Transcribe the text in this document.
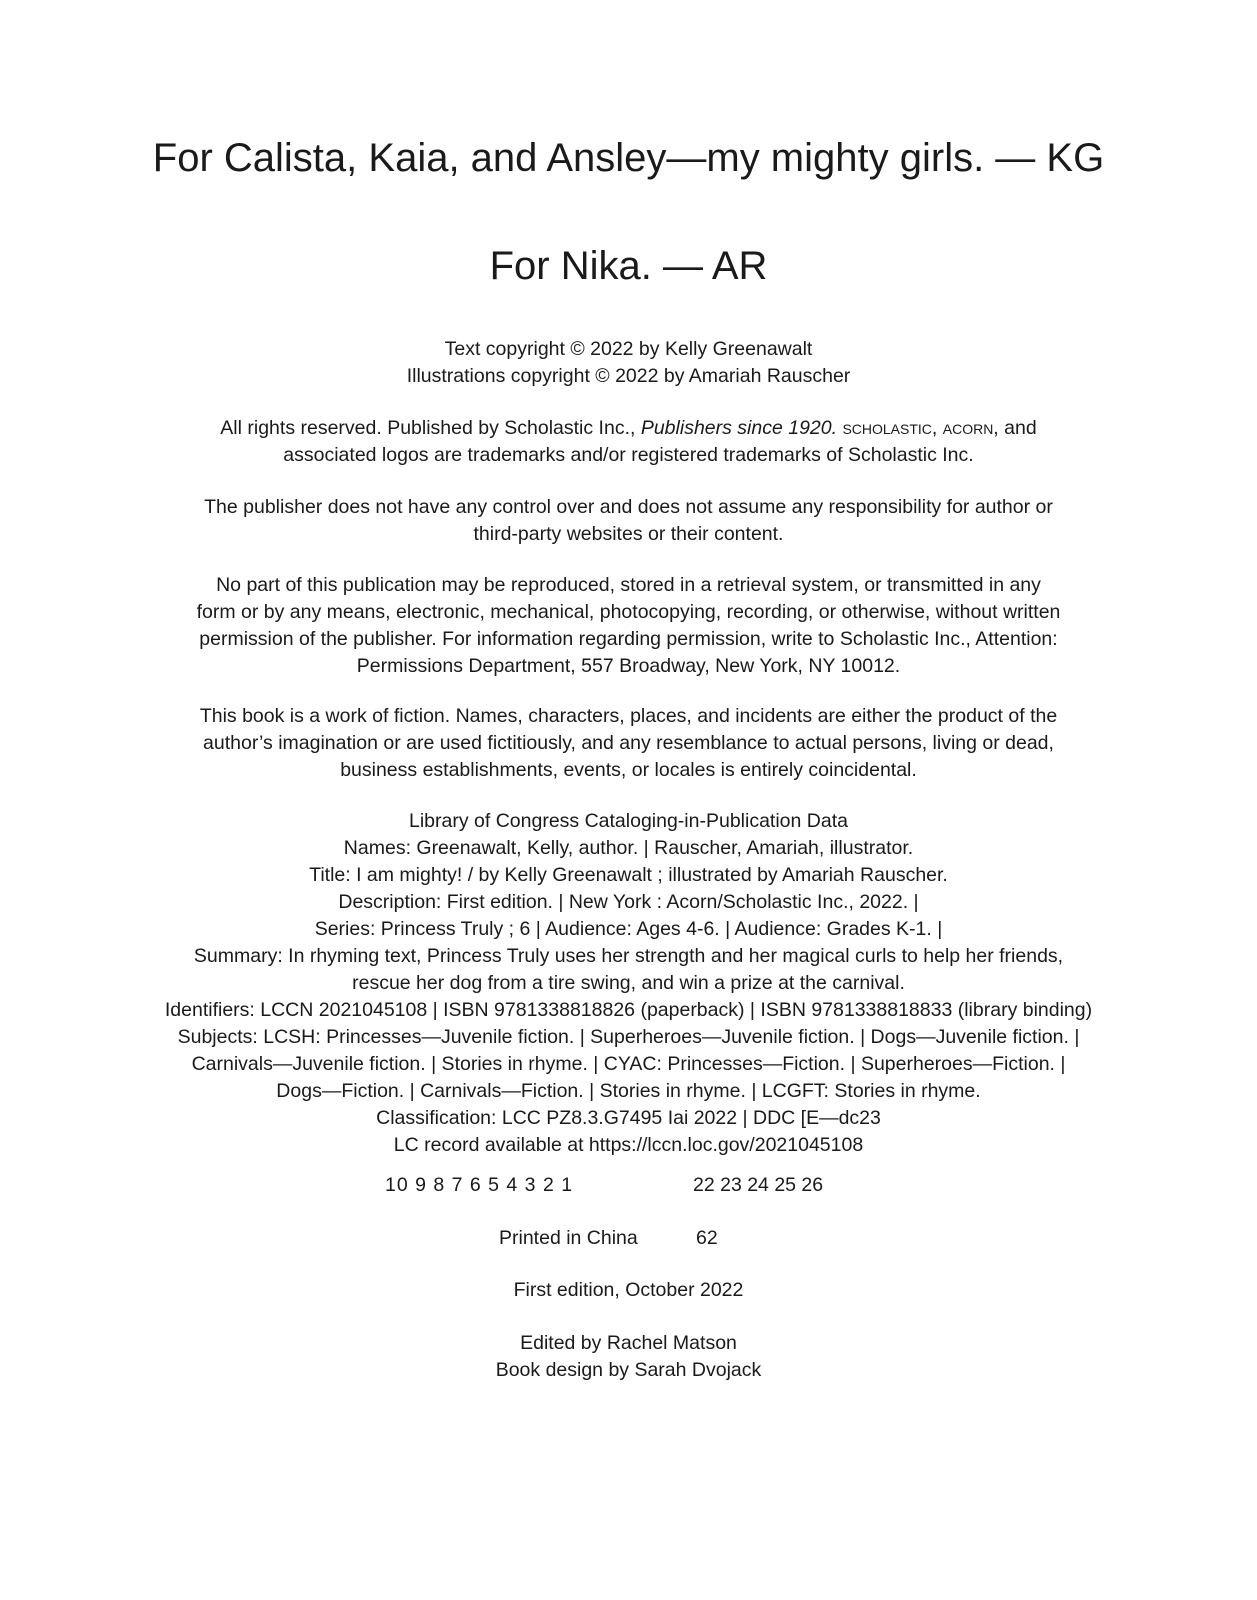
For Calista, Kaia, and Ansley—my mighty girls. — KG
For Nika. — AR
Text copyright © 2022 by Kelly Greenawalt
Illustrations copyright © 2022 by Amariah Rauscher
All rights reserved. Published by Scholastic Inc., Publishers since 1920. scholastic, acorn, and
associated logos are trademarks and/or registered trademarks of Scholastic Inc.
The publisher does not have any control over and does not assume any responsibility for author or
third-party websites or their content.
No part of this publication may be reproduced, stored in a retrieval system, or transmitted in any
form or by any means, electronic, mechanical, photocopying, recording, or otherwise, without written
permission of the publisher. For information regarding permission, write to Scholastic Inc., Attention:
Permissions Department, 557 Broadway, New York, NY 10012.
This book is a work of fiction. Names, characters, places, and incidents are either the product of the
author’s imagination or are used fictitiously, and any resemblance to actual persons, living or dead,
business establishments, events, or locales is entirely coincidental.
Library of Congress Cataloging-in-Publication Data
Names: Greenawalt, Kelly, author. | Rauscher, Amariah, illustrator.
Title: I am mighty! / by Kelly Greenawalt ; illustrated by Amariah Rauscher.
Description: First edition. | New York : Acorn/Scholastic Inc., 2022. |
Series: Princess Truly ; 6 | Audience: Ages 4-6. | Audience: Grades K-1. |
Summary: In rhyming text, Princess Truly uses her strength and her magical curls to help her friends,
rescue her dog from a tire swing, and win a prize at the carnival.
Identifiers: LCCN 2021045108 | ISBN 9781338818826 (paperback) | ISBN 9781338818833 (library binding)
Subjects: LCSH: Princesses—Juvenile fiction. | Superheroes—Juvenile fiction. | Dogs—Juvenile fiction. |
Carnivals—Juvenile fiction. | Stories in rhyme. | CYAC: Princesses—Fiction. | Superheroes—Fiction. |
Dogs—Fiction. | Carnivals—Fiction. | Stories in rhyme. | LCGFT: Stories in rhyme.
Classification: LCC PZ8.3.G7495 Iai 2022 | DDC [E—dc23
LC record available at https://lccn.loc.gov/2021045108
10 9 8 7 6 5 4 3 2 1	22 23 24 25 26
Printed in China	62
First edition, October 2022
Edited by Rachel Matson
Book design by Sarah Dvojack
